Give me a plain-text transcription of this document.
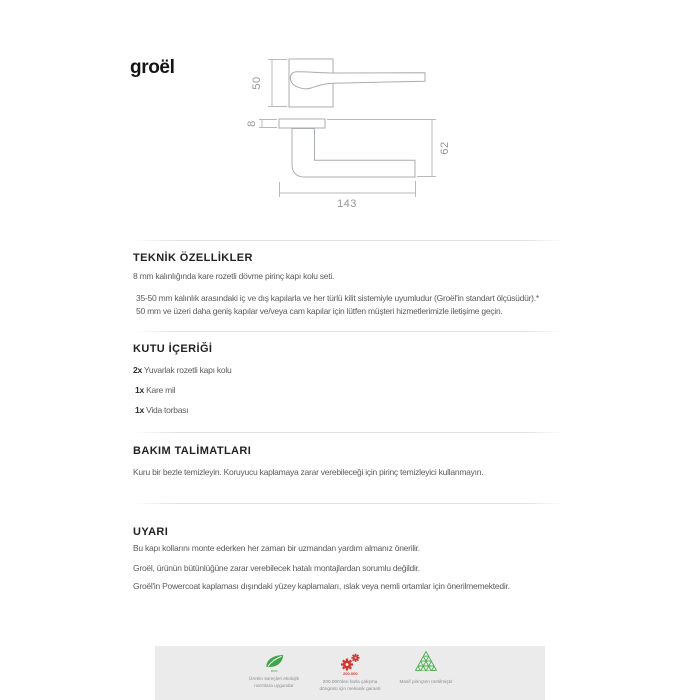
groël
50
8
62
143
TEKNİK ÖZELLİKLER
8 mm kalınlığında kare rozetli dövme pirinç kapı kolu seti.
35-50 mm kalınlık arasındaki iç ve dış kapılarla ve her türlü kilit sistemiyle uyumludur (Groël'in standart ölçüsüdür).*
50 mm ve üzeri daha geniş kapılar ve/veya cam kapılar için lütfen müşteri hizmetlerimizle iletişime geçin.
KUTU İÇERİĞİ
2x Yuvarlak rozetli kapı kolu
1x Kare mil
1x Vida torbası
BAKIM TALİMATLARI
Kuru bir bezle temizleyin. Koruyucu kaplamaya zarar verebileceği için pirinç temizleyici kullanmayın.
UYARI
Bu kapı kollarını monte ederken her zaman bir uzmandan yardım almanız önerilir.
Groël, ürünün bütünlüğüne zarar verebilecek hatalı montajlardan sorumlu değildir.
Groël'in Powercoat kaplaması dışındaki yüzey kaplamaları, ıslak veya nemli ortamlar için önerilmemektedir.
eco
Üretim süreçleri ekolojik
normlara uygundur
200.000
200.000'den fazla çalışma
döngüsü için mekanik garanti
Masif pirinçten üretilmiştir
